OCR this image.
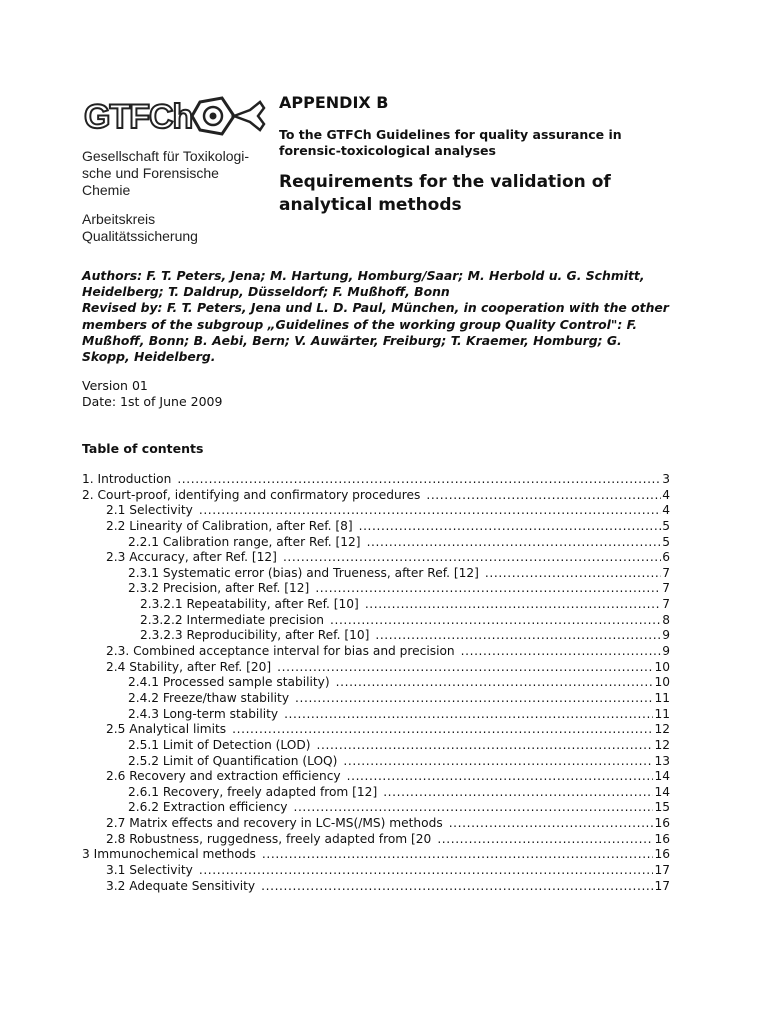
GTFCh
Gesellschaft für Toxikologi-
sche und Forensische
Chemie
Arbeitskreis
Qualitätssicherung
APPENDIX B
To the GTFCh Guidelines for quality assurance in
forensic-toxicological analyses
Requirements for the validation of
analytical methods
Authors: F. T. Peters, Jena; M. Hartung, Homburg/Saar; M. Herbold u. G. Schmitt,
Heidelberg; T. Daldrup, Düsseldorf; F. Mußhoff, Bonn
Revised by: F. T. Peters, Jena und L. D. Paul, München, in cooperation with the other
members of the subgroup „Guidelines of the working group Quality Control": F.
Mußhoff, Bonn; B. Aebi, Bern; V. Auwärter, Freiburg; T. Kraemer, Homburg; G.
Skopp, Heidelberg.
Version 01
Date: 1st of June 2009
Table of contents
1. Introduction .....	3
2. Court-proof, identifying and confirmatory procedures .....	4
2.1 Selectivity .....	4
2.2 Linearity of Calibration, after Ref. [8] .....	5
2.2.1 Calibration range, after Ref. [12] .....	5
2.3 Accuracy, after Ref. [12] .....	6
2.3.1 Systematic error (bias) and Trueness, after Ref. [12] .....	7
2.3.2 Precision, after Ref. [12] .....	7
2.3.2.1 Repeatability, after Ref. [10] .....	7
2.3.2.2 Intermediate precision .....	8
2.3.2.3 Reproducibility, after Ref. [10] .....	9
2.3. Combined acceptance interval for bias and precision .....	9
2.4 Stability, after Ref. [20] .....	10
2.4.1 Processed sample stability) .....	10
2.4.2 Freeze/thaw stability .....	11
2.4.3 Long-term stability .....	11
2.5 Analytical limits .....	12
2.5.1 Limit of Detection (LOD) .....	12
2.5.2 Limit of Quantification (LOQ) .....	13
2.6 Recovery and extraction efficiency .....	14
2.6.1 Recovery, freely adapted from [12] .....	14
2.6.2 Extraction efficiency .....	15
2.7 Matrix effects and recovery in LC-MS(/MS) methods .....	16
2.8 Robustness, ruggedness, freely adapted from [20 .....	16
3 Immunochemical methods .....	16
3.1 Selectivity .....	17
3.2 Adequate Sensitivity .....	17
